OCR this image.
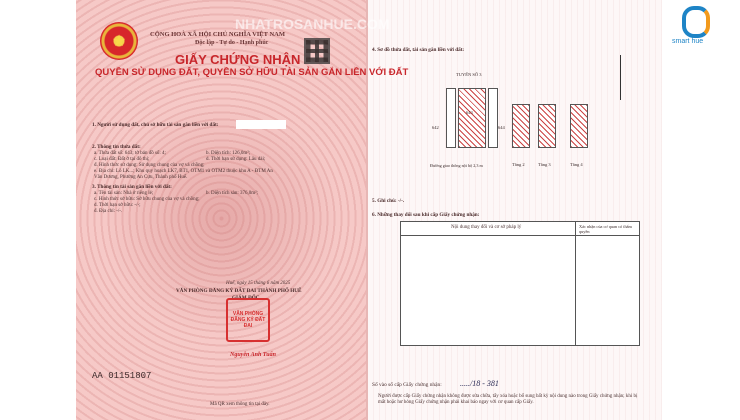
NHATROSANHUE.COM
★	CỘNG HOÀ XÃ HỘI CHỦ NGHĨA VIỆT NAM
Độc lập - Tự do - Hạnh phúc
GIẤY CHỨNG NHẬN
QUYỀN SỬ DỤNG ĐẤT, QUYỀN SỞ HỮU TÀI SẢN GẮN LIỀN VỚI ĐẤT
1. Người sử dụng đất, chủ sở hữu tài sản gắn liền với đất:
2. Thông tin thửa đất:
a. Thửa đất số: 643; tờ bản đồ số: 4;	b. Diện tích: 126,0m²;
c. Loại đất: Đất ở tại đô thị;	d. Thời hạn sử dụng: Lâu dài;
đ. Hình thức sử dụng: Sử dụng chung của vợ và chồng;
e. Địa chỉ: Lô LK...; Khu quy hoạch LK7, BT1, OTM1 và OTM2 thuộc khu A - ĐTM An
Vân Dương, Phường An Cựu, Thành phố Huế.
3. Thông tin tài sản gắn liền với đất:
a. Tên tài sản: Nhà ở riêng lẻ;	b. Diện tích sàn: 376,0m²;
c. Hình thức sở hữu: Sở hữu chung của vợ và chồng;
d. Thời hạn sở hữu: -/-;
đ. Địa chỉ: -/-.
Huế, ngày 15 tháng 6 năm 2025
VĂN PHÒNG ĐĂNG KÝ ĐẤT ĐAI THÀNH PHỐ HUẾ
GIÁM ĐỐC
VĂN PHÒNG ĐĂNG KÝ ĐẤT ĐAI
Nguyễn Anh Tuấn
AA 01151807
Mã QR xem thông tin tại đây.
4. Sơ đồ thửa đất, tài sản gắn liền với đất:
TUYẾN SỐ 3
642	644
643
Đường giao thông nội bộ 2,3 m	Tầng 2	Tầng 3	Tầng 4
5. Ghi chú: -/-.
6. Những thay đổi sau khi cấp Giấy chứng nhận:
Nội dung thay đổi và cơ sở pháp lý	Xác nhận của cơ quan có thẩm quyền
Số vào sổ cấp Giấy chứng nhận: ...../18 - 381
Người được cấp Giấy chứng nhận không được sửa chữa, tẩy xóa hoặc bổ sung bất kỳ nội dung nào trong Giấy chứng nhận; khi bị mất hoặc hư hỏng Giấy chứng nhận phải khai báo ngay với cơ quan cấp Giấy.
smart hue
